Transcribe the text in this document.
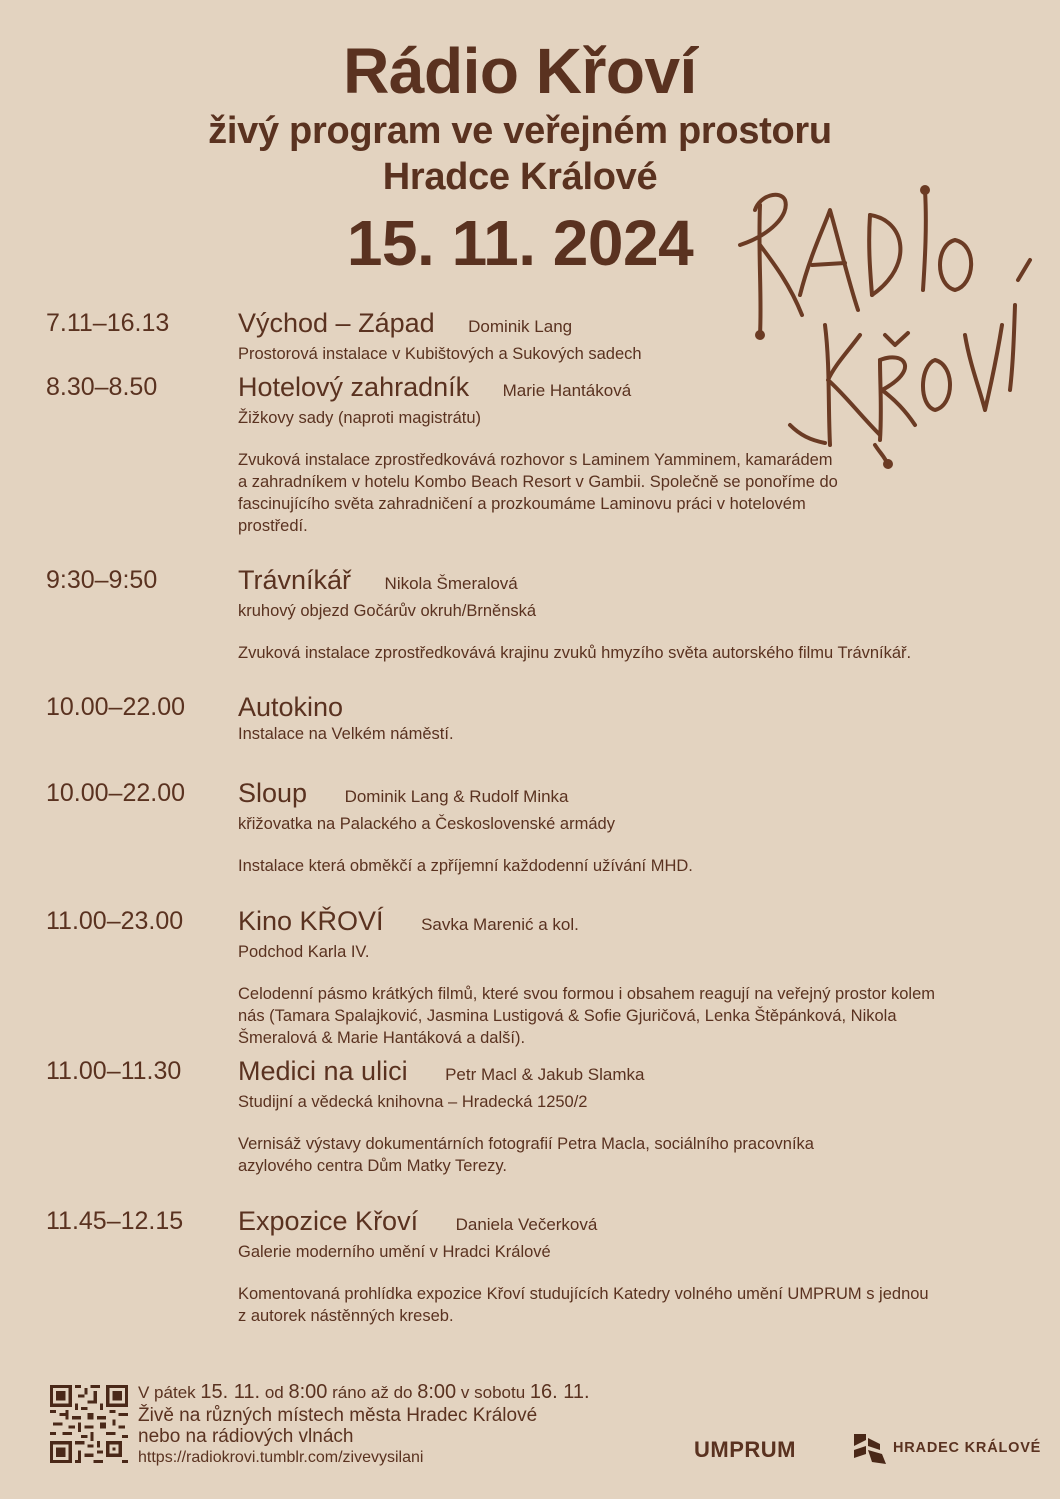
Rádio Křoví
živý program ve veřejném prostoru
Hradce Králové
15. 11. 2024
7.11–16.13	Východ – Západ Dominik Lang
Prostorová instalace v Kubištových a Sukových sadech
8.30–8.50	Hotelový zahradník Marie Hantáková
Žižkovy sady (naproti magistrátu)
Zvuková instalace zprostředkovává rozhovor s Laminem Yamminem, kamarádem a zahradníkem v hotelu Kombo Beach Resort v Gambii. Společně se ponoříme do fascinujícího světa zahradničení a prozkoumáme Laminovu práci v hotelovém prostředí.
9:30–9:50	Trávníkář Nikola Šmeralová
kruhový objezd Gočárův okruh/Brněnská
Zvuková instalace zprostředkovává krajinu zvuků hmyzího světa autorského filmu Trávníkář.
10.00–22.00 Autokino
Instalace na Velkém náměstí.
10.00–22.00 Sloup Dominik Lang & Rudolf Minka
křižovatka na Palackého a Československé armády
Instalace která obměkčí a zpříjemní každodenní užívání MHD.
11.00–23.00 Kino KŘOVÍ Savka Marenić a kol.
Podchod Karla IV.
Celodenní pásmo krátkých filmů, které svou formou i obsahem reagují na veřejný prostor kolem nás (Tamara Spalajković, Jasmina Lustigová & Sofie Gjuričová, Lenka Štěpánková, Nikola Šmeralová & Marie Hantáková a další).
11.00–11.30 Medici na ulici Petr Macl & Jakub Slamka
Studijní a vědecká knihovna – Hradecká 1250/2
Vernisáž výstavy dokumentárních fotografií Petra Macla, sociálního pracovníka azylového centra Dům Matky Terezy.
11.45–12.15 Expozice Křoví Daniela Večerková
Galerie moderního umění v Hradci Králové
Komentovaná prohlídka expozice Křoví studujících Katedry volného umění UMPRUM s jednou z autorek nástěnných kreseb.
V pátek 15. 11. od 8:00 ráno až do 8:00 v sobotu 16. 11.
Živě na různých místech města Hradec Králové
nebo na rádiových vlnách
https://radiokrovi.tumblr.com/zivevysilani	UMPRUM	HRADEC KRÁLOVÉ
